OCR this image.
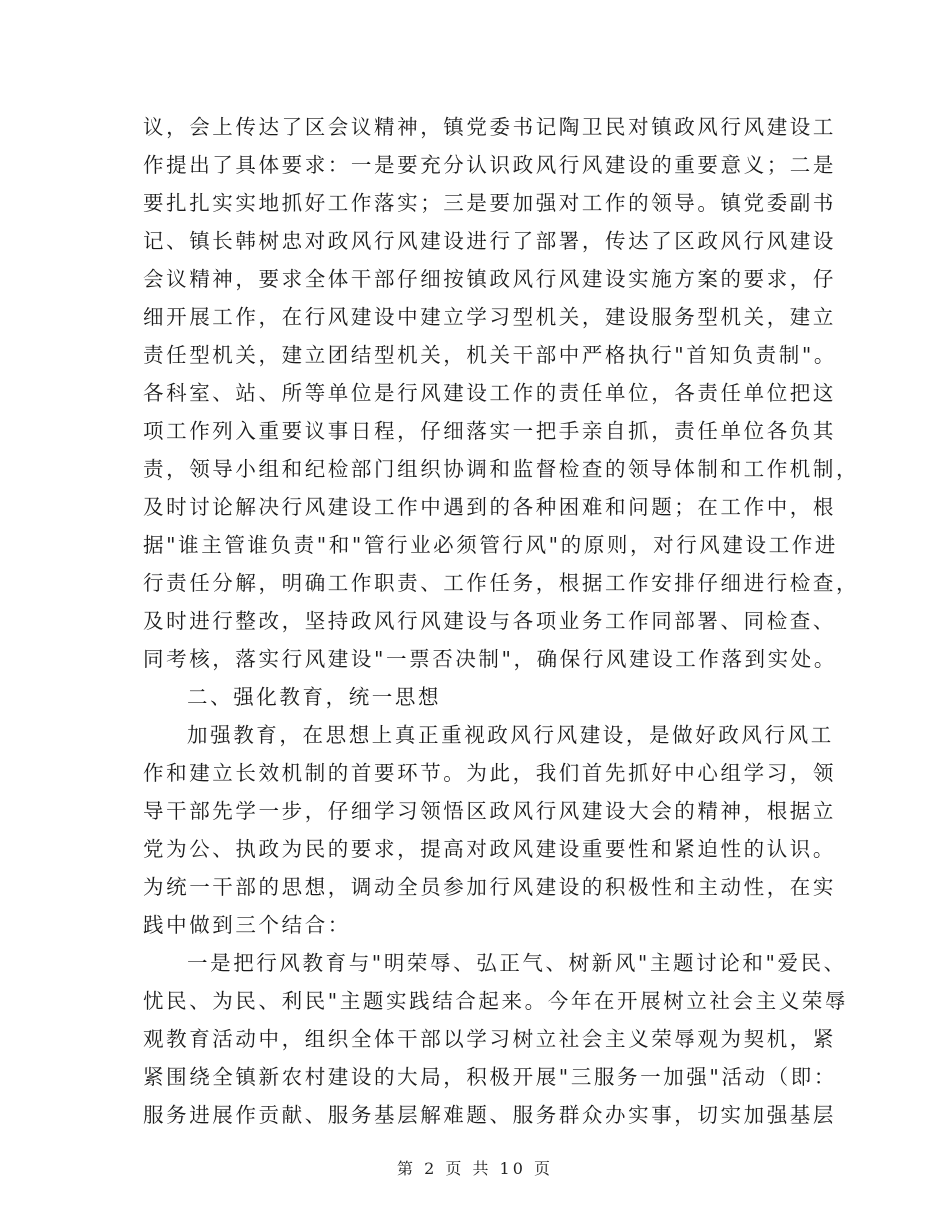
议，会上传达了区会议精神，镇党委书记陶卫民对镇政风行风建设工
作提出了具体要求：一是要充分认识政风行风建设的重要意义；二是
要扎扎实实地抓好工作落实；三是要加强对工作的领导。镇党委副书
记、镇长韩树忠对政风行风建设进行了部署，传达了区政风行风建设
会议精神，要求全体干部仔细按镇政风行风建设实施方案的要求，仔
细开展工作，在行风建设中建立学习型机关，建设服务型机关，建立
责任型机关，建立团结型机关，机关干部中严格执行"首知负责制"。
各科室、站、所等单位是行风建设工作的责任单位，各责任单位把这
项工作列入重要议事日程，仔细落实一把手亲自抓，责任单位各负其
责，领导小组和纪检部门组织协调和监督检查的领导体制和工作机制，
及时讨论解决行风建设工作中遇到的各种困难和问题；在工作中，根
据"谁主管谁负责"和"管行业必须管行风"的原则，对行风建设工作进
行责任分解，明确工作职责、工作任务，根据工作安排仔细进行检查，
及时进行整改，坚持政风行风建设与各项业务工作同部署、同检查、
同考核，落实行风建设"一票否决制"，确保行风建设工作落到实处。
二、强化教育，统一思想
加强教育，在思想上真正重视政风行风建设，是做好政风行风工
作和建立长效机制的首要环节。为此，我们首先抓好中心组学习，领
导干部先学一步，仔细学习领悟区政风行风建设大会的精神，根据立
党为公、执政为民的要求，提高对政风建设重要性和紧迫性的认识。
为统一干部的思想，调动全员参加行风建设的积极性和主动性，在实
践中做到三个结合：
一是把行风教育与"明荣辱、弘正气、树新风"主题讨论和"爱民、
忧民、为民、利民"主题实践结合起来。今年在开展树立社会主义荣辱
观教育活动中，组织全体干部以学习树立社会主义荣辱观为契机，紧
紧围绕全镇新农村建设的大局，积极开展"三服务一加强"活动（即：
服务进展作贡献、服务基层解难题、服务群众办实事，切实加强基层
第 2 页 共 10 页
